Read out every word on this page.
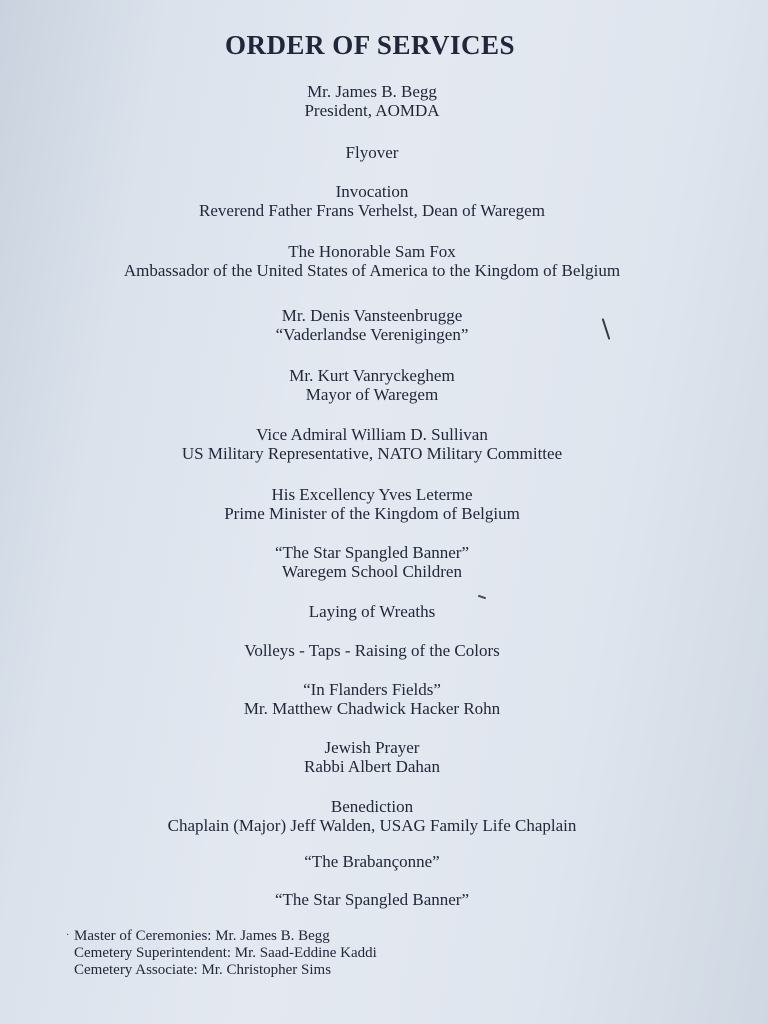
ORDER OF SERVICES
Mr. James B. Begg
President, AOMDA
Flyover
Invocation
Reverend Father Frans Verhelst, Dean of Waregem
The Honorable Sam Fox
Ambassador of the United States of America to the Kingdom of Belgium
Mr. Denis Vansteenbrugge
“Vaderlandse Verenigingen”
Mr. Kurt Vanryckeghem
Mayor of Waregem
Vice Admiral William D. Sullivan
US Military Representative, NATO Military Committee
His Excellency Yves Leterme
Prime Minister of the Kingdom of Belgium
“The Star Spangled Banner”
Waregem School Children
Laying of Wreaths
Volleys - Taps - Raising of the Colors
“In Flanders Fields”
Mr. Matthew Chadwick Hacker Rohn
Jewish Prayer
Rabbi Albert Dahan
Benediction
Chaplain (Major) Jeff Walden, USAG Family Life Chaplain
“The Brabançonne”
“The Star Spangled Banner”
· Master of Ceremonies: Mr. James B. Begg
Cemetery Superintendent: Mr. Saad-Eddine Kaddi
Cemetery Associate: Mr. Christopher Sims
